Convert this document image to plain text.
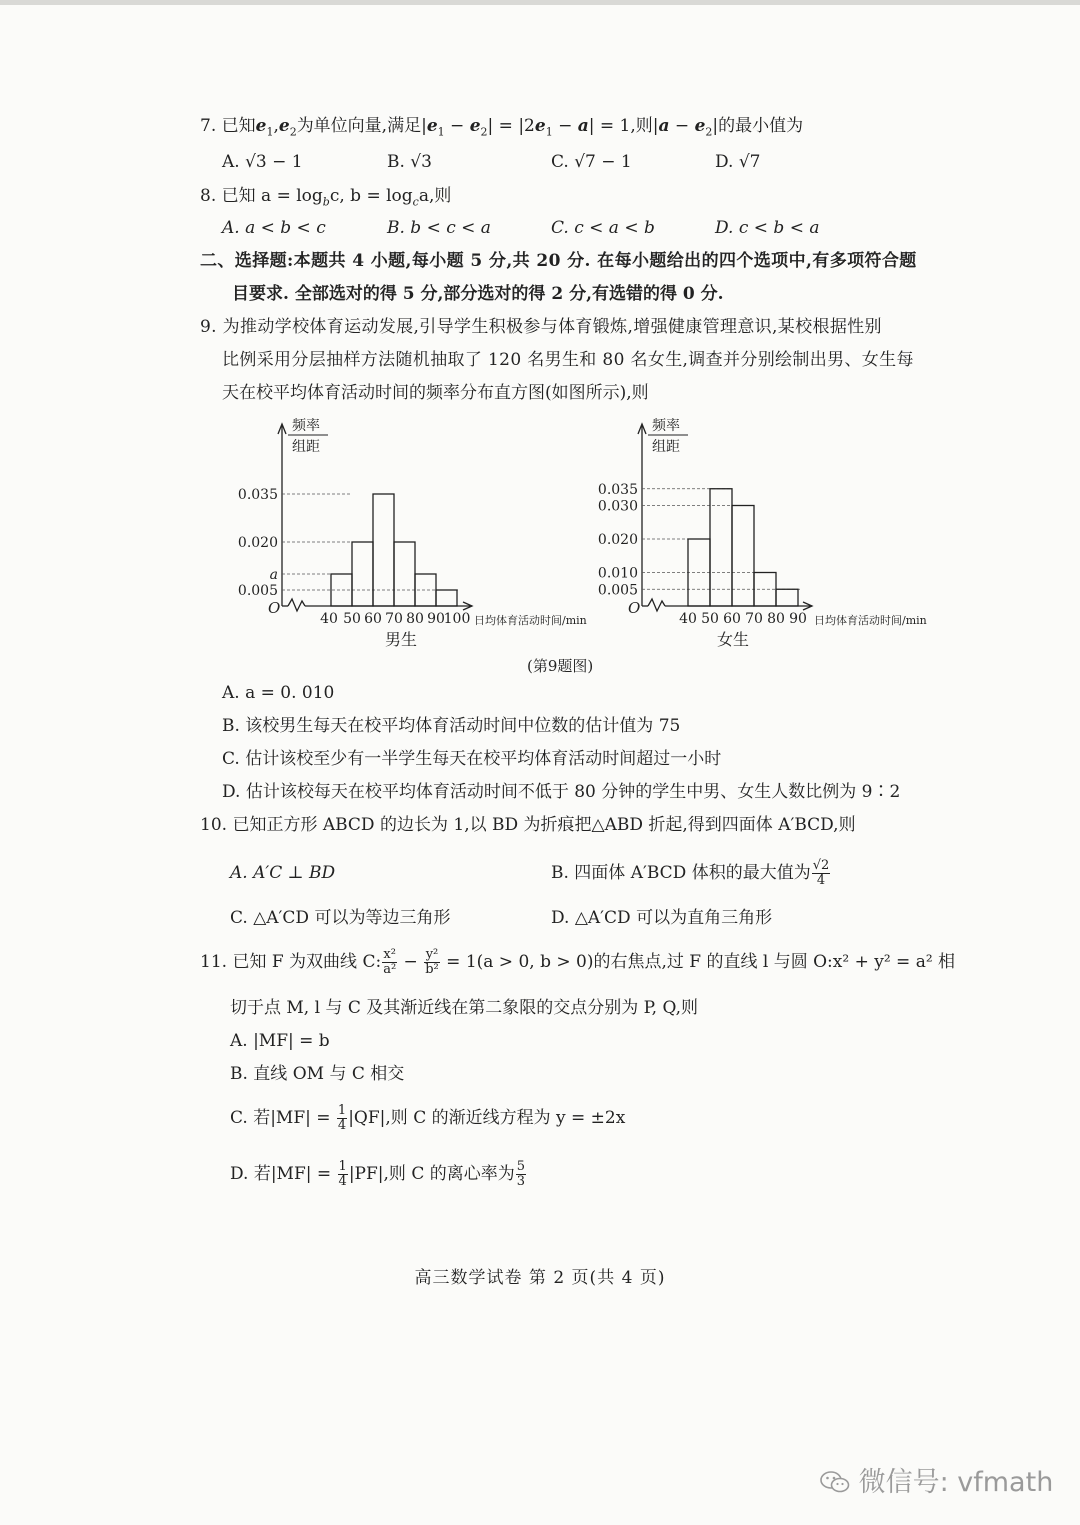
7. 已知$e_1,e_2$为单位向量,满足$|e_1 - e_2| = |2e_1 - a| = 1$,则$|a - e_2|$的最小值为
A. √3 − 1	B. √3	C. √7 − 1	D. √7
8. 已知 $a = \log_bc$, $b = \log_ca$,则
A. a < b < c	B. b < c < a	C. c < a < b	D. c < b < a
二、选择题:本题共 4 小题,每小题 5 分,共 20 分. 在每小题给出的四个选项中,有多项符合题
目要求. 全部选对的得 5 分,部分选对的得 2 分,有选错的得 0 分.
9. 为推动学校体育运动发展,引导学生积极参与体育锻炼,增强健康管理意识,某校根据性别
比例采用分层抽样方法随机抽取了 120 名男生和 80 名女生,调查并分别绘制出男、女生每
天在校平均体育活动时间的频率分布直方图(如图所示),则
O
频率
组距
a
0.005
0.020
0.035
40 50 60 70 80 90
100 日均体育活动时间/min
男生
O
频率
组距
0.005
0.010
0.020
0.030
0.035
40 50 60 70 80 90 日均体育活动时间/min
女生
(第9题图)
A. a = 0. 010
B. 该校男生每天在校平均体育活动时间中位数的估计值为 75
C. 估计该校至少有一半学生每天在校平均体育活动时间超过一小时
D. 估计该校每天在校平均体育活动时间不低于 80 分钟的学生中男、女生人数比例为 9∶2
10. 已知正方形 ABCD 的边长为 1,以 BD 为折痕把△ABD 折起,得到四面体 A′BCD,则
A. A′C ⊥ BD	B. 四面体 A′BCD 体积的最大值为 $\frac{√2}{4}$
C. △A′CD 可以为等边三角形	D. △A′CD 可以为直角三角形
11. 已知 F 为双曲线 C: $\frac{\text{x²}}{\text{a²}} - \frac{\text{y²}}{\text{b²}} = 1(a > 0$, b > 0)的右焦点,过 F 的直线 l 与圆 O:x² + y² = a² 相
切于点 M, l 与 C 及其渐近线在第二象限的交点分别为 P, Q,则
A. |MF| = b
B. 直线 OM 与 C 相交
C. 若$|MF| = \frac{1}{4} |QF|$,则 C 的渐近线方程为 y = ±2x
D. 若$|MF| = \frac{1}{4} |PF|$,则 C 的离心率为 $\frac{5}{3}$
高三数学试卷 第 2 页(共 4 页)
微信号: vfmath
